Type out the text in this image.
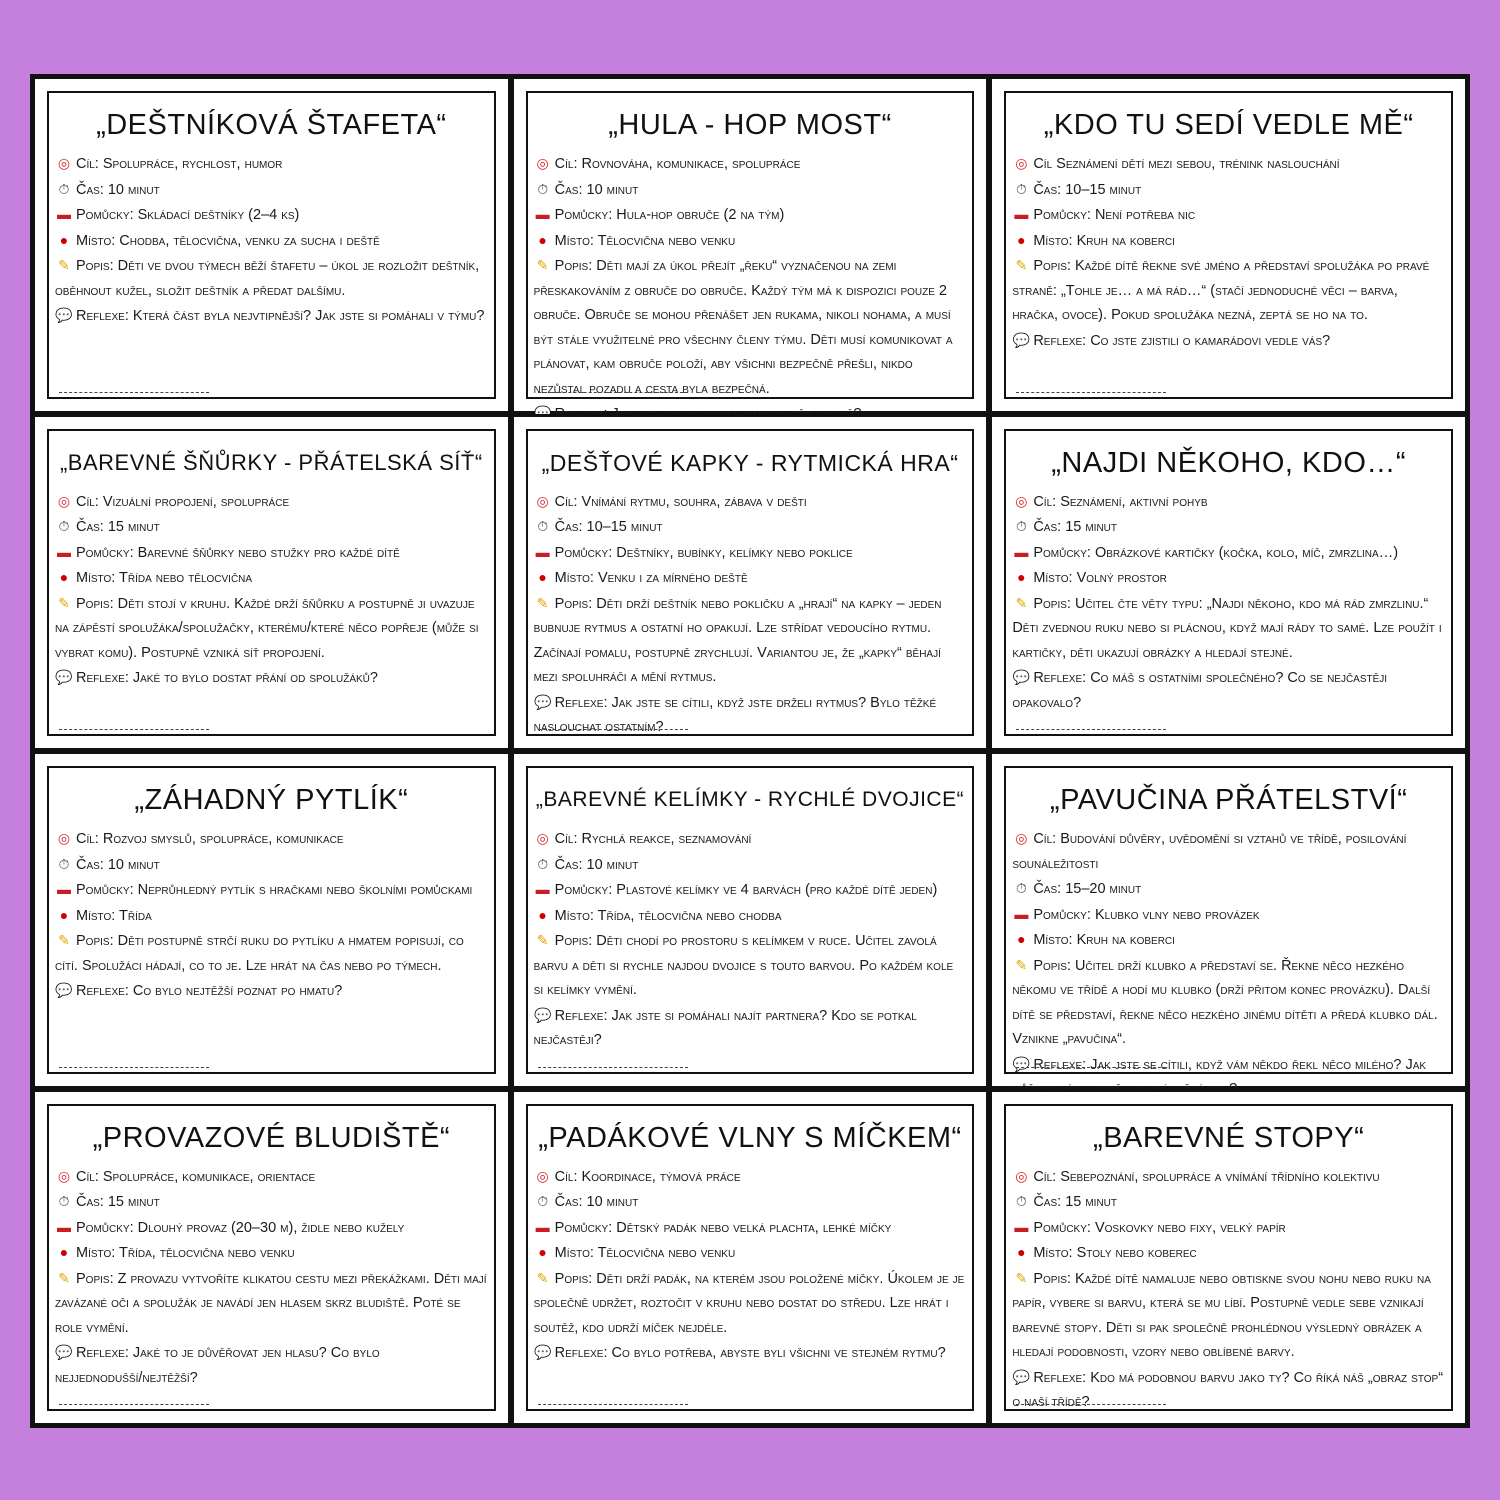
„DEŠTNÍKOVÁ ŠTAFETA“

◎ Cíl: Spolupráce, rychlost, humor

⏱ Čas: 10 minut

▬ Pomůcky: Skládací deštníky (2–4 ks)

● Místo: Chodba, tělocvična, venku za sucha i deště

✎ Popis: Děti ve dvou týmech běží štafetu – úkol je rozložit deštník, oběhnout kužel, složit deštník a předat dalšímu.

💬 Reflexe: Která část byla nejvtipnější? Jak jste si pomáhali v týmu?

„HULA - HOP MOST“

◎ Cíl: Rovnováha, komunikace, spolupráce

⏱ Čas: 10 minut

▬ Pomůcky: Hula-hop obruče (2 na tým)

● Místo: Tělocvična nebo venku

✎ Popis: Děti mají za úkol přejít „řeku“ vyznačenou na zemi přeskakováním z obruče do obruče. Každý tým má k dispozici pouze 2 obruče. Obruče se mohou přenášet jen rukama, nikoli nohama, a musí být stále využitelné pro všechny členy týmu. Děti musí komunikovat a plánovat, kam obruče položí, aby všichni bezpečně přešli, nikdo nezůstal pozadu a cesta byla bezpečná.

„KDO TU SEDÍ VEDLE MĚ“

◎ Cíl Seznámení dětí mezi sebou, trénink naslouchání

⏱ Čas: 10–15 minut

▬ Pomůcky: Není potřeba nic

● Místo: Kruh na koberci

✎ Popis: Každé dítě řekne své jméno a představí spolužáka po pravé straně: „Tohle je… a má rád…“ (stačí jednoduché věci – barva, hračka, ovoce). Pokud spolužáka nezná, zeptá se ho na to.

💬 Reflexe: Co jste zjistili o kamarádovi vedle vás?

„BAREVNÉ ŠŇŮRKY - PŘÁTELSKÁ SÍŤ“

◎ Cíl: Vizuální propojení, spolupráce

⏱ Čas: 15 minut

▬ Pomůcky: Barevné šňůrky nebo stužky pro každé dítě

● Místo: Třída nebo tělocvična

✎ Popis: Děti stojí v kruhu. Každé drží šňůrku a postupně ji uvazuje na zápěstí spolužáka/spolužačky, kterému/které něco popřeje (může si vybrat komu). Postupně vzniká síť propojení.

💬 Reflexe: Jaké to bylo dostat přání od spolužáků?

„DEŠŤOVÉ KAPKY - RYTMICKÁ HRA“

◎ Cíl: Vnímání rytmu, souhra, zábava v dešti

⏱ Čas: 10–15 minut

▬ Pomůcky: Deštníky, bubínky, kelímky nebo poklice

● Místo: Venku i za mírného deště

✎ Popis: Děti drží deštník nebo pokličku a „hrají“ na kapky – jeden bubnuje rytmus a ostatní ho opakují. Lze střídat vedoucího rytmu. Začínají pomalu, postupně zrychlují. Variantou je, že „kapky“ běhají mezi spoluhráči a mění rytmus.

💬 Reflexe: Jak jste se cítili, když jste drželi rytmus? Bylo těžké naslouchat ostatním?

„NAJDI NĚKOHO, KDO…“

◎ Cíl: Seznámení, aktivní pohyb

⏱ Čas: 15 minut

▬ Pomůcky: Obrázkové kartičky (kočka, kolo, míč, zmrzlina…)

● Místo: Volný prostor

✎ Popis: Učitel čte věty typu: „Najdi někoho, kdo má rád zmrzlinu.“ Děti zvednou ruku nebo si plácnou, když mají rády to samé. Lze použít i kartičky, děti ukazují obrázky a hledají stejné.

💬 Reflexe: Co máš s ostatními společného? Co se nejčastěji opakovalo?

„ZÁHADNÝ PYTLÍK“

◎ Cíl: Rozvoj smyslů, spolupráce, komunikace

⏱ Čas: 10 minut

▬ Pomůcky: Neprůhledný pytlík s hračkami nebo školními pomůckami

● Místo: Třída

✎ Popis: Děti postupně strčí ruku do pytlíku a hmatem popisují, co cítí. Spolužáci hádají, co to je. Lze hrát na čas nebo po týmech.

💬 Reflexe: Co bylo nejtěžší poznat po hmatu?

„BAREVNÉ KELÍMKY - RYCHLÉ DVOJICE“

◎ Cíl: Rychlá reakce, seznamování

⏱ Čas: 10 minut

▬ Pomůcky: Plastové kelímky ve 4 barvách (pro každé dítě jeden)

● Místo: Třída, tělocvična nebo chodba

✎ Popis: Děti chodí po prostoru s kelímkem v ruce. Učitel zavolá barvu a děti si rychle najdou dvojice s touto barvou. Po každém kole si kelímky vymění.

💬 Reflexe: Jak jste si pomáhali najít partnera? Kdo se potkal nejčastěji?

„PAVUČINA PŘÁTELSTVÍ“

◎ Cíl: Budování důvěry, uvědomění si vztahů ve třídě, posilování sounáležitosti

⏱ Čas: 15–20 minut

▬ Pomůcky: Klubko vlny nebo provázek

● Místo: Kruh na koberci

✎ Popis: Učitel drží klubko a představí se. Řekne něco hezkého někomu ve třídě a hodí mu klubko (drží přitom konec provázku). Další dítě se představí, řekne něco hezkého jinému dítěti a předá klubko dál. Vznikne „pavučina“.

💬 Reflexe: Jak jste se cítili, když vám někdo řekl něco milého? Jak

„PROVAZOVÉ BLUDIŠTĚ“

◎ Cíl: Spolupráce, komunikace, orientace

⏱ Čas: 15 minut

▬ Pomůcky: Dlouhý provaz (20–30 m), židle nebo kužely

● Místo: Třída, tělocvična nebo venku

✎ Popis: Z provazu vytvoříte klikatou cestu mezi překážkami. Děti mají zavázané oči a spolužák je navádí jen hlasem skrz bludiště. Poté se role vymění.

💬 Reflexe: Jaké to je důvěřovat jen hlasu? Co bylo nejjednodušší/nejtěžší?

„PADÁKOVÉ VLNY S MÍČKEM“

◎ Cíl: Koordinace, týmová práce

⏱ Čas: 10 minut

▬ Pomůcky: Dětský padák nebo velká plachta, lehké míčky

● Místo: Tělocvična nebo venku

✎ Popis: Děti drží padák, na kterém jsou položené míčky. Úkolem je je společně udržet, roztočit v kruhu nebo dostat do středu. Lze hrát i soutěž, kdo udrží míček nejdéle.

💬 Reflexe: Co bylo potřeba, abyste byli všichni ve stejném rytmu?

„BAREVNÉ STOPY“

◎ Cíl: Sebepoznání, spolupráce a vnímání třídního kolektivu

⏱ Čas: 15 minut

▬ Pomůcky: Voskovky nebo fixy, velký papír

● Místo: Stoly nebo koberec

✎ Popis: Každé dítě namaluje nebo obtiskne svou nohu nebo ruku na papír, vybere si barvu, která se mu líbí. Postupně vedle sebe vznikají barevné stopy. Děti si pak společně prohlédnou výsledný obrázek a hledají podobnosti, vzory nebo oblíbené barvy.

💬 Reflexe: Kdo má podobnou barvu jako ty? Co říká náš „obraz stop“ o naší třídě?
